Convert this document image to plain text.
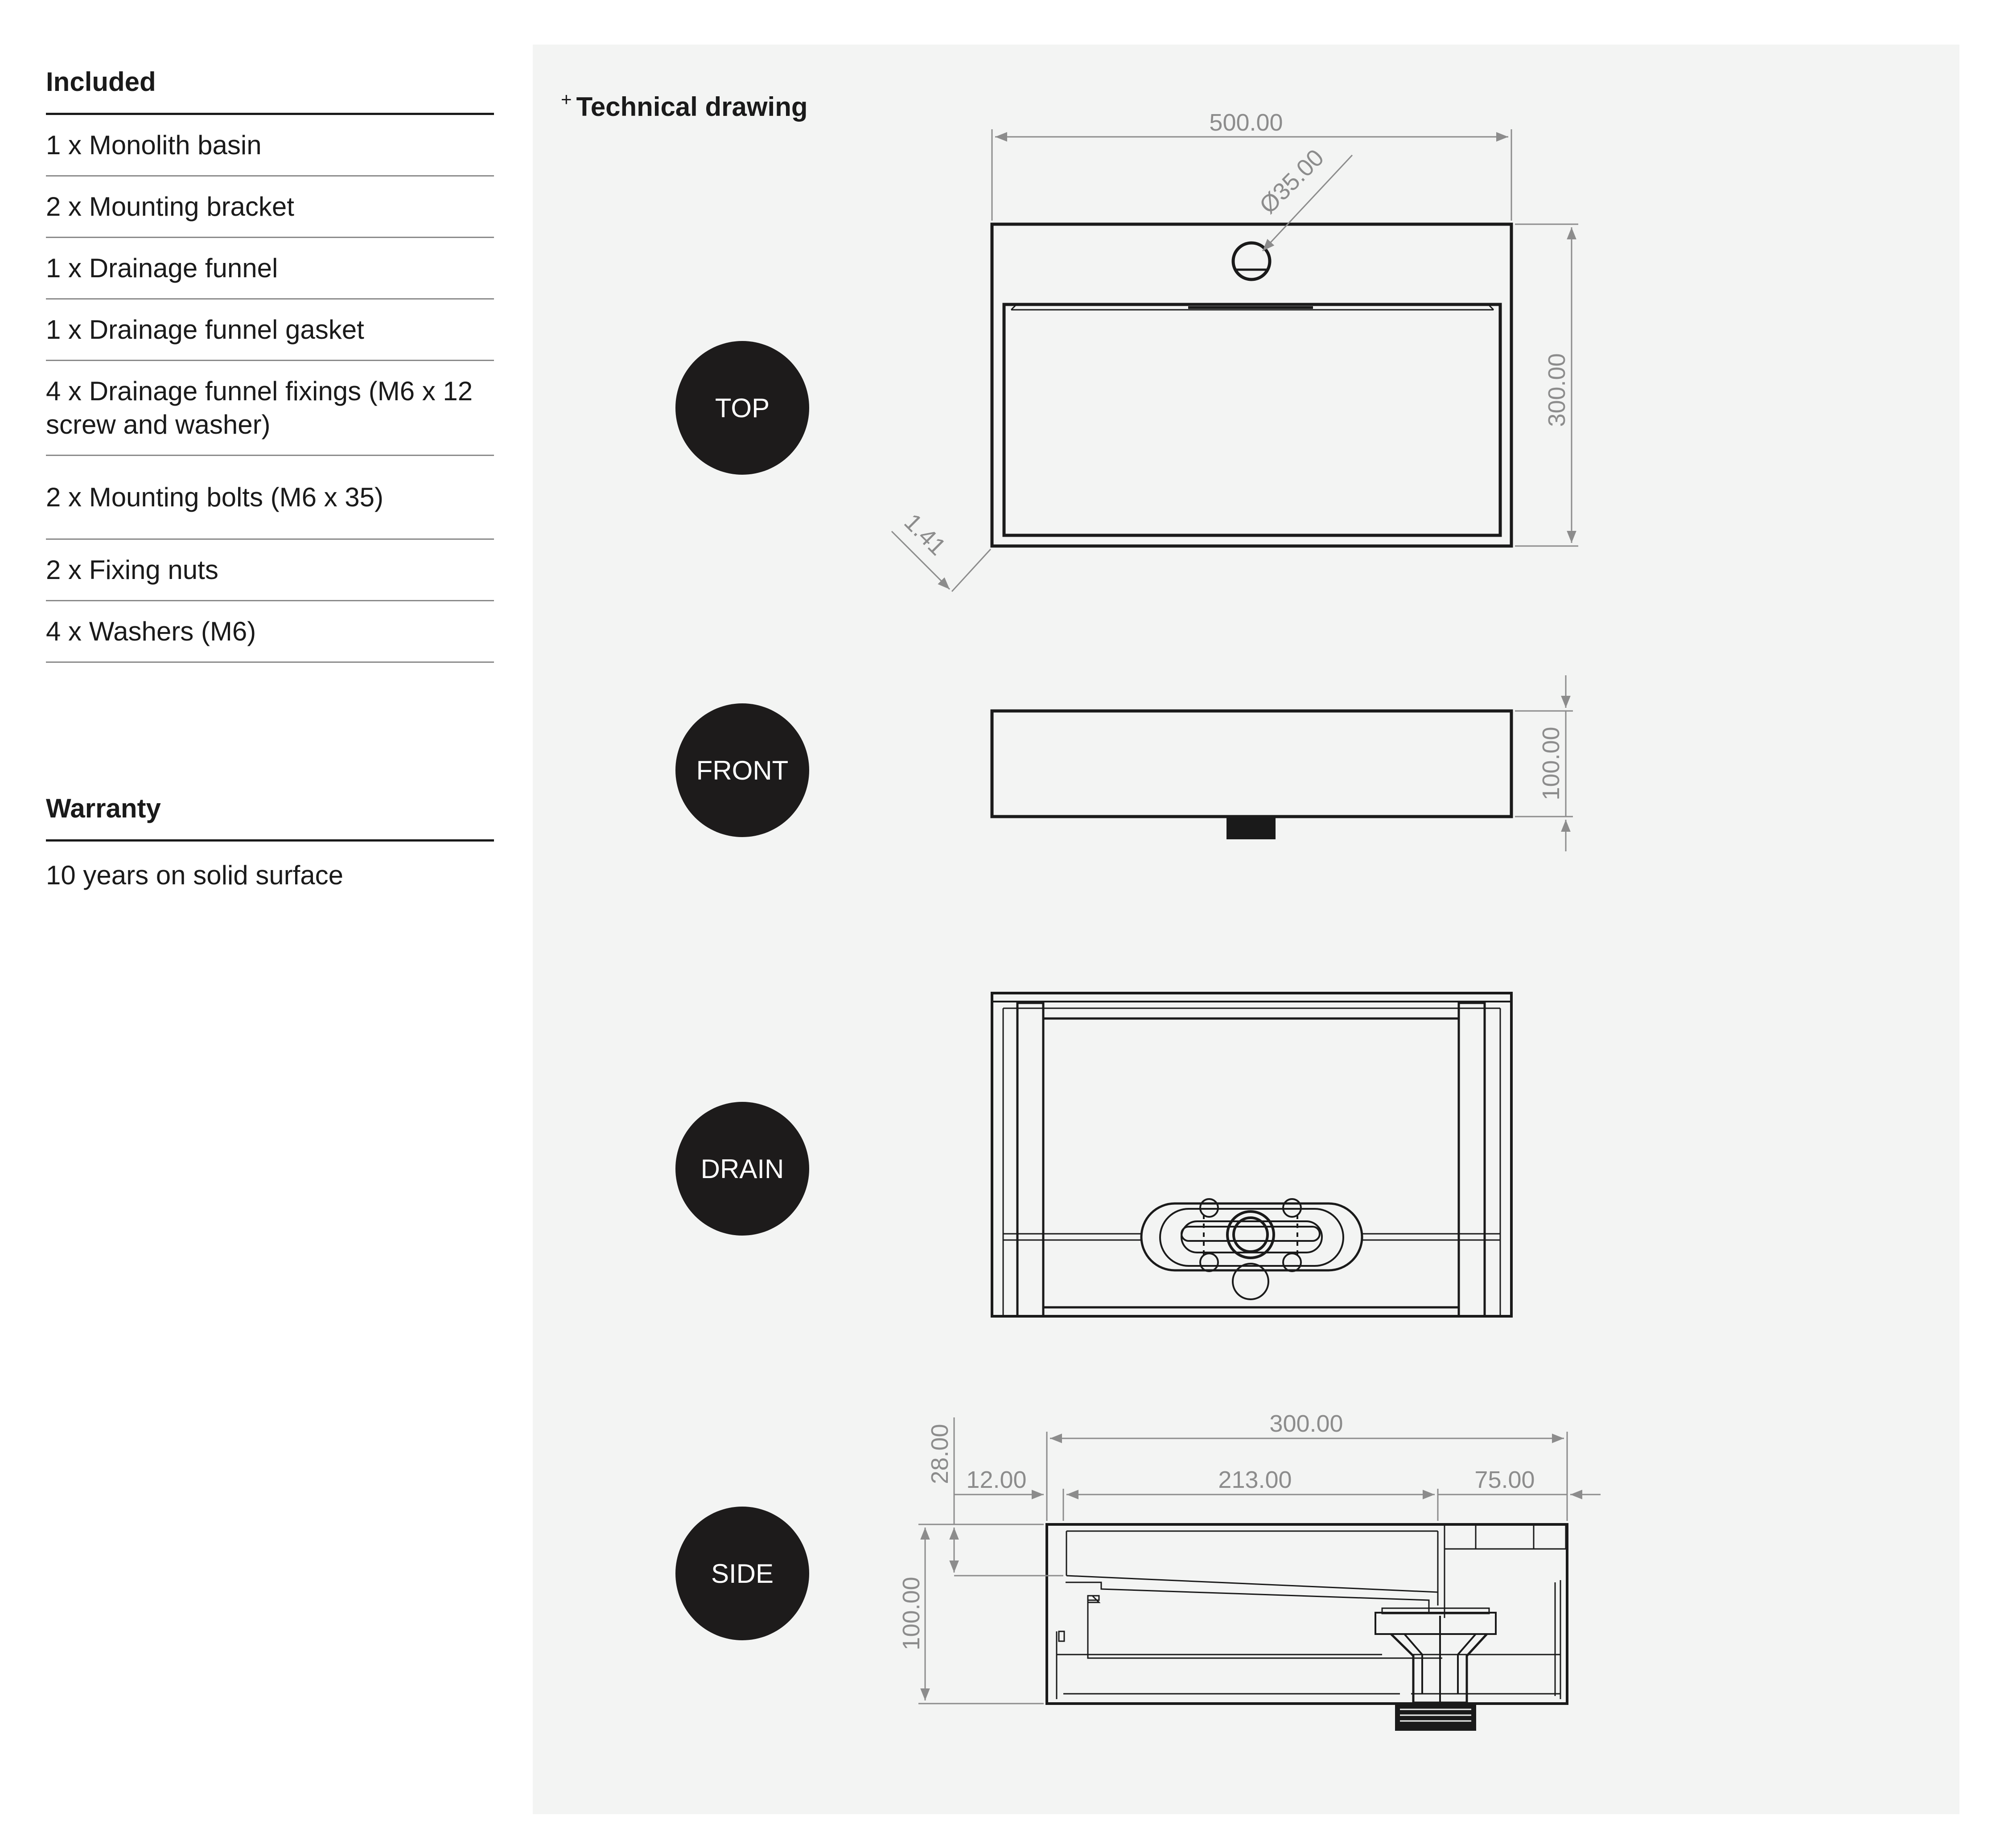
Included
1 x Monolith basin
2 x Mounting bracket
1 x Drainage funnel
1 x Drainage funnel gasket
4 x Drainage funnel fixings (M6 x 12 screw and washer)
2 x Mounting bolts (M6 x 35)
2 x Fixing nuts
4 x Washers (M6)
Warranty
10 years on solid surface
+ Technical drawing
TOP
FRONT
DRAIN
SIDE
500.00
Ø35.00
300.00
1.41
100.00
300.00
28.00 12.00	213.00	75.00
100.00
